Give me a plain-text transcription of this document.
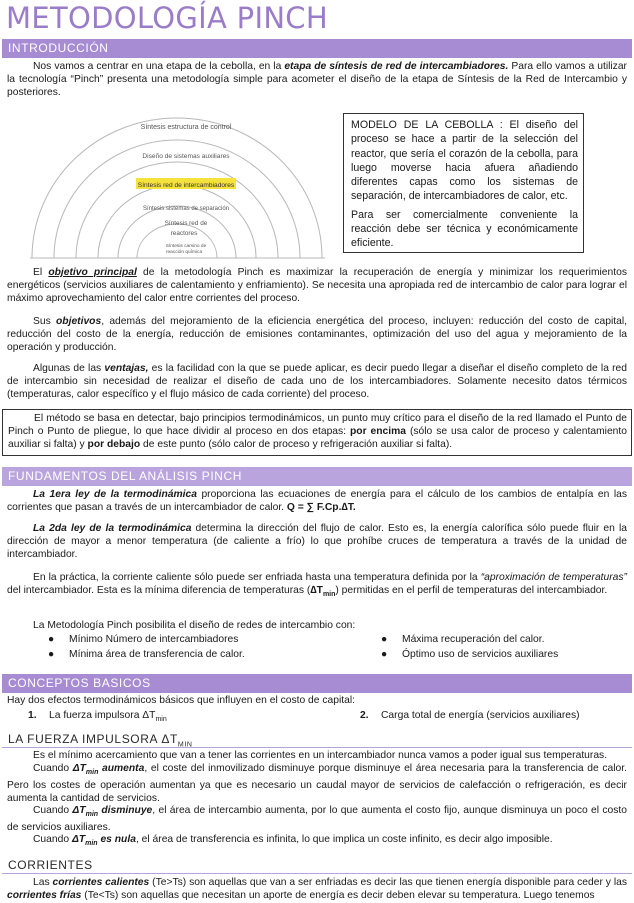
METODOLOGÍA PINCH
INTRODUCCIÓN
Nos vamos a centrar en una etapa de la cebolla, en la etapa de síntesis de red de intercambiadores. Para ello vamos a utilizar la tecnología “Pinch” presenta una metodología simple para acometer el diseño de la etapa de Síntesis de la Red de Intercambio y posteriores.
Síntesis estructura de control
Diseño de sistemas auxiliares
Síntesis red de intercambiadores
Síntesis sistemas de separación
Síntesis red de
reactores
Síntesis camino de
reacción química
MODELO DE LA CEBOLLA : El diseño del proceso se hace a partir de la selección del reactor, que sería el corazón de la cebolla, para luego moverse hacia afuera añadiendo diferentes capas como los sistemas de separación, de intercambiadores de calor, etc.
Para ser comercialmente conveniente la reacción debe ser técnica y económicamente eficiente.
El objetivo principal de la metodología Pinch es maximizar la recuperación de energía y minimizar los requerimientos energéticos (servicios auxiliares de calentamiento y enfriamiento). Se necesita una apropiada red de intercambio de calor para lograr el máximo aprovechamiento del calor entre corrientes del proceso.
Sus objetivos, además del mejoramiento de la eficiencia energética del proceso, incluyen: reducción del costo de capital, reducción del costo de la energía, reducción de emisiones contaminantes, optimización del uso del agua y mejoramiento de la operación y producción.
Algunas de las ventajas, es la facilidad con la que se puede aplicar, es decir puedo llegar a diseñar el diseño completo de la red de intercambio sin necesidad de realizar el diseño de cada uno de los intercambiadores. Solamente necesito datos térmicos (temperaturas, calor específico y el flujo másico de cada corriente) del proceso.
El método se basa en detectar, bajo principios termodinámicos, un punto muy crítico para el diseño de la red llamado el Punto de Pinch o Punto de pliegue, lo que hace dividir al proceso en dos etapas: por encima (sólo se usa calor de proceso y calentamiento auxiliar si falta) y por debajo de este punto (sólo calor de proceso y refrigeración auxiliar si falta).
FUNDAMENTOS DEL ANÁLISIS PINCH
La 1era ley de la termodinámica proporciona las ecuaciones de energía para el cálculo de los cambios de entalpía en las corrientes que pasan a través de un intercambiador de calor. Q = ∑ F.Cp.∆T.
La 2da ley de la termodinámica determina la dirección del flujo de calor. Esto es, la energía calorífica sólo puede fluir en la dirección de mayor a menor temperatura (de caliente a frío) lo que prohíbe cruces de temperatura a través de la unidad de intercambiador.
En la práctica, la corriente caliente sólo puede ser enfriada hasta una temperatura definida por la “aproximación de temperaturas” del intercambiador. Esta es la mínima diferencia de temperaturas $(\Delta T_{min})$ permitidas en el perfil de temperaturas del intercambiador.
La Metodología Pinch posibilita el diseño de redes de intercambio con:
● Mínimo Número de intercambiadores
● Mínima área de transferencia de calor.
● Máxima recuperación del calor.
● Óptimo uso de servicios auxiliares
CONCEPTOS BASICOS
Hay dos efectos termodinámicos básicos que influyen en el costo de capital:
1. La fuerza impulsora $\Delta T_{min}$	2. Carga total de energía (servicios auxiliares)
LA FUERZA IMPULSORA $\Delta T_{MIN}$
Es el mínimo acercamiento que van a tener las corrientes en un intercambiador nunca vamos a poder igual sus temperaturas.
Cuando $\Delta T_{min}$ aumenta, el coste del inmovilizado disminuye porque disminuye el área necesaria para la transferencia de calor. Pero los costes de operación aumentan ya que es necesario un caudal mayor de servicios de calefacción o refrigeración, es decir aumenta la cantidad de servicios.
Cuando $\Delta T_{min}$ disminuye, el área de intercambio aumenta, por lo que aumenta el costo fijo, aunque disminuya un poco el costo de servicios auxiliares.
Cuando $\Delta T_{min}$ es nula, el área de transferencia es infinita, lo que implica un coste infinito, es decir algo imposible.
CORRIENTES
Las corrientes calientes (Te>Ts) son aquellas que van a ser enfriadas es decir las que tienen energía disponible para ceder y las corrientes frías (Te<Ts) son aquellas que necesitan un aporte de energía es decir deben elevar su temperatura. Luego tenemos
